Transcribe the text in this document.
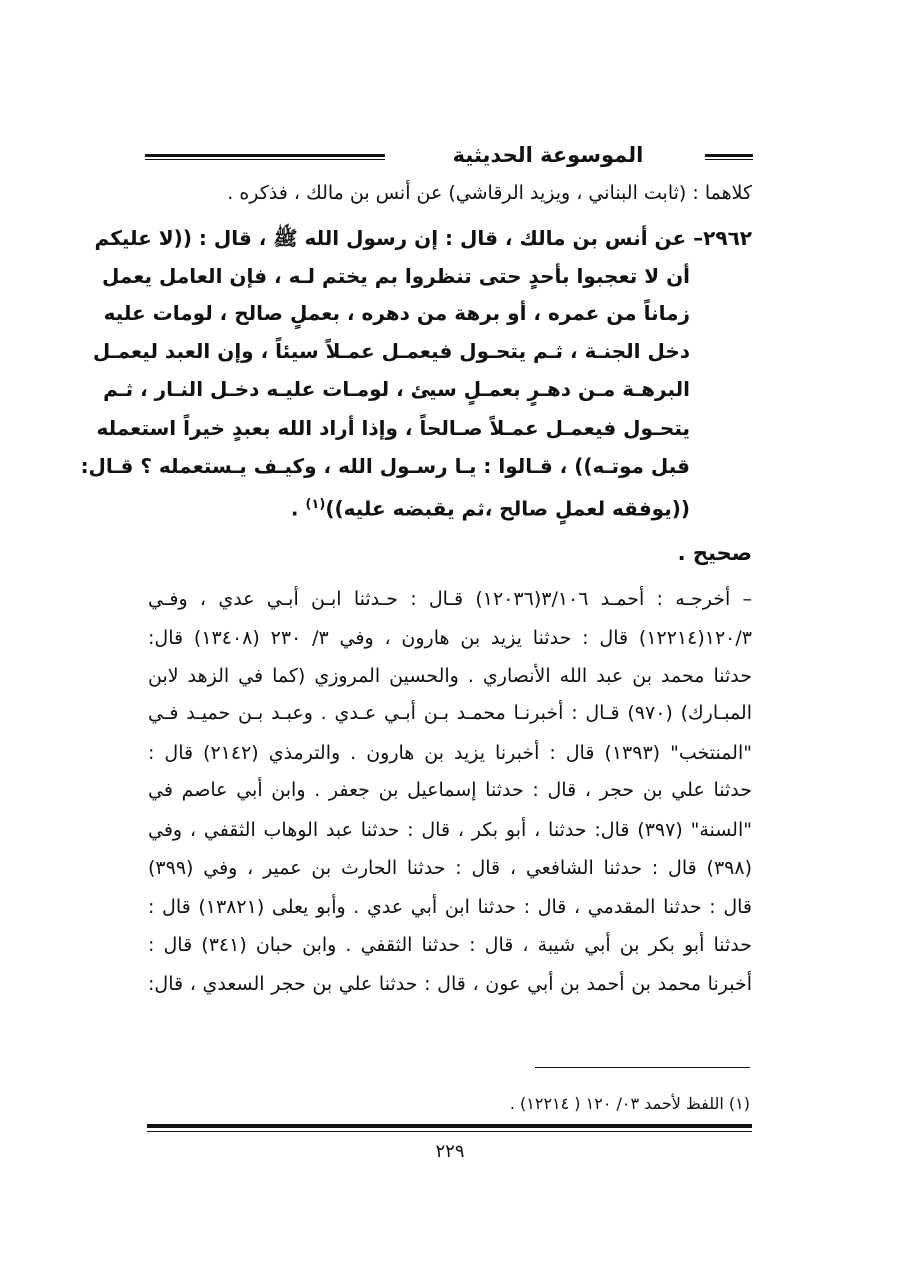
الموسوعة الحديثية
كلاهما : (ثابت البناني ، ويزيد الرقاشي) عن أنس بن مالك ، فذكره .
٢٩٦٢– عن أنس بن مالك ، قال : إن رسول الله ﷺ ، قال : ((لا عليكم
أن لا تعجبوا بأحدٍ حتى تنظروا بم يختم لـه ، فإن العامل يعمل
زماناً من عمره ، أو برهة من دهره ، بعملٍ صالح ، لومات عليه
دخل الجنـة ، ثـم يتحـول فيعمـل عمـلاً سيئاً ، وإن العبد ليعمـل
البرهـة مـن دهـرٍ بعمـلٍ سيئ ، لومـات عليـه دخـل النـار ، ثـم
يتحـول فيعمـل عمـلاً صـالحاً ، وإذا أراد الله بعبدٍ خيراً استعمله
قبل موتـه)) ، قـالوا : يـا رسـول الله ، وكيـف يـستعمله ؟ قـال:
((يوفقه لعملٍ صالح ،ثم يقبضه عليه))$^{(١)}$ .
صحيح .
– أخرجـه : أحمـد ٣/١٠٦(١٢٠٣٦) قـال : حـدثنا ابـن أبـي عدي ، وفـي
١٢٠/٣(١٢٢١٤) قال : حدثنا يزيد بن هارون ، وفي ٣/ ٢٣٠ (١٣٤٠٨) قال:
حدثنا محمد بن عبد الله الأنصاري . والحسين المروزي (كما في الزهد لابن
المبـارك) (٩٧٠) قـال : أخبرنـا محمـد بـن أبـي عـدي . وعبـد بـن حميـد فـي
"المنتخب" (١٣٩٣) قال : أخبرنا يزيد بن هارون . والترمذي (٢١٤٢) قال :
حدثنا علي بن حجر ، قال : حدثنا إسماعيل بن جعفر . وابن أبي عاصم في
"السنة" (٣٩٧) قال: حدثنا ، أبو بكر ، قال : حدثنا عبد الوهاب الثقفي ، وفي
(٣٩٨) قال : حدثنا الشافعي ، قال : حدثنا الحارث بن عمير ، وفي (٣٩٩)
قال : حدثنا المقدمي ، قال : حدثنا ابن أبي عدي . وأبو يعلى (١٣٨٢١) قال :
حدثنا أبو بكر بن أبي شيبة ، قال : حدثنا الثقفي . وابن حبان (٣٤١) قال :
أخبرنا محمد بن أحمد بن أبي عون ، قال : حدثنا علي بن حجر السعدي ، قال:
(١) اللفظ لأحمد ٠٣/ ١٢٠ ( ١٢٢١٤) .
٢٢٩
